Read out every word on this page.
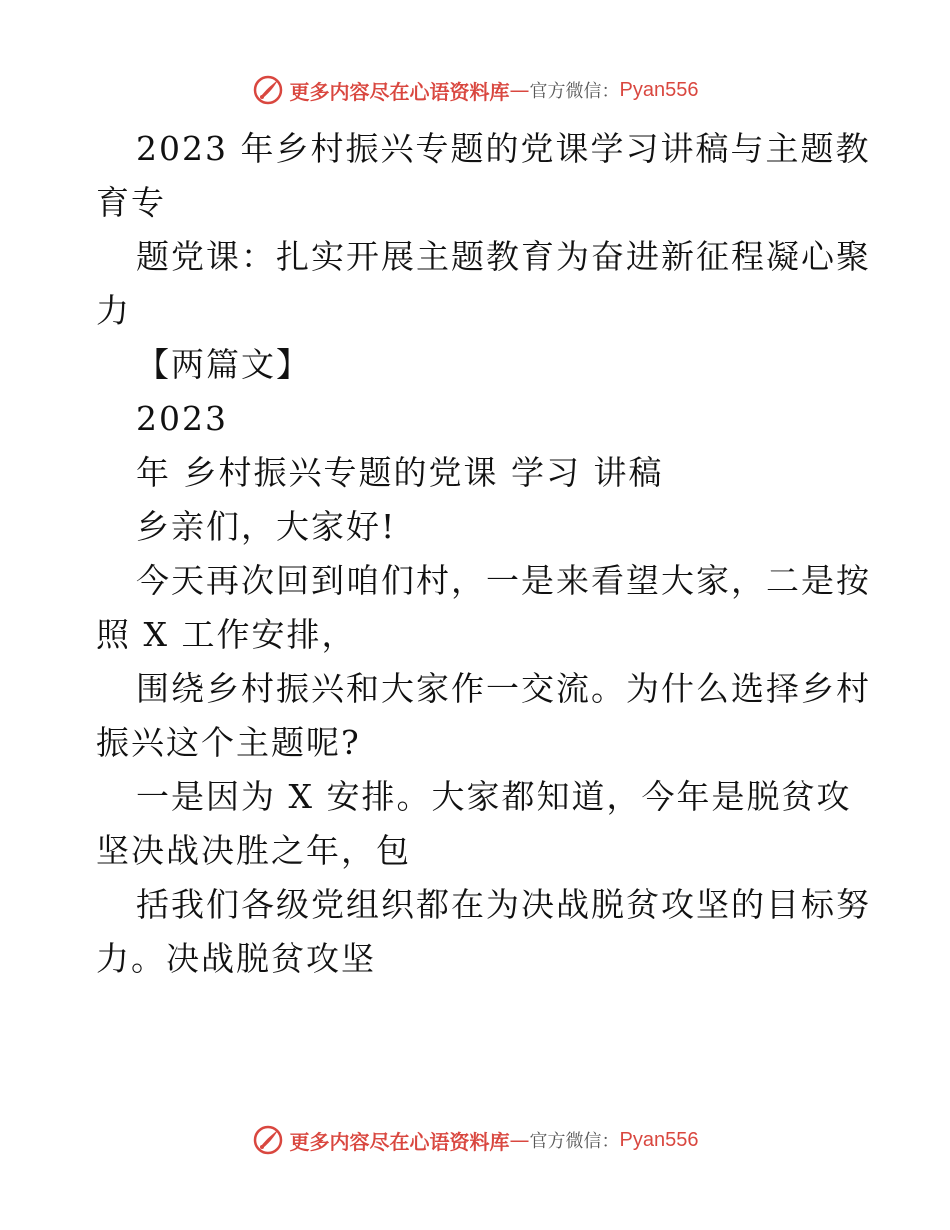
更多内容尽在心语资料库 — 官方微信： Pyan556
2023 年乡村振兴专题的党课学习讲稿与主题教
育专
题党课：扎实开展主题教育为奋进新征程凝心聚
力
【两篇文】
2023
年 乡村振兴专题的党课 学习 讲稿
乡亲们，大家好!
今天再次回到咱们村，一是来看望大家，二是按
照 X 工作安排，
围绕乡村振兴和大家作一交流。为什么选择乡村
振兴这个主题呢?
一是因为 X 安排。大家都知道，今年是脱贫攻
坚决战决胜之年，包
括我们各级党组织都在为决战脱贫攻坚的目标努
力。决战脱贫攻坚
更多内容尽在心语资料库 — 官方微信： Pyan556
